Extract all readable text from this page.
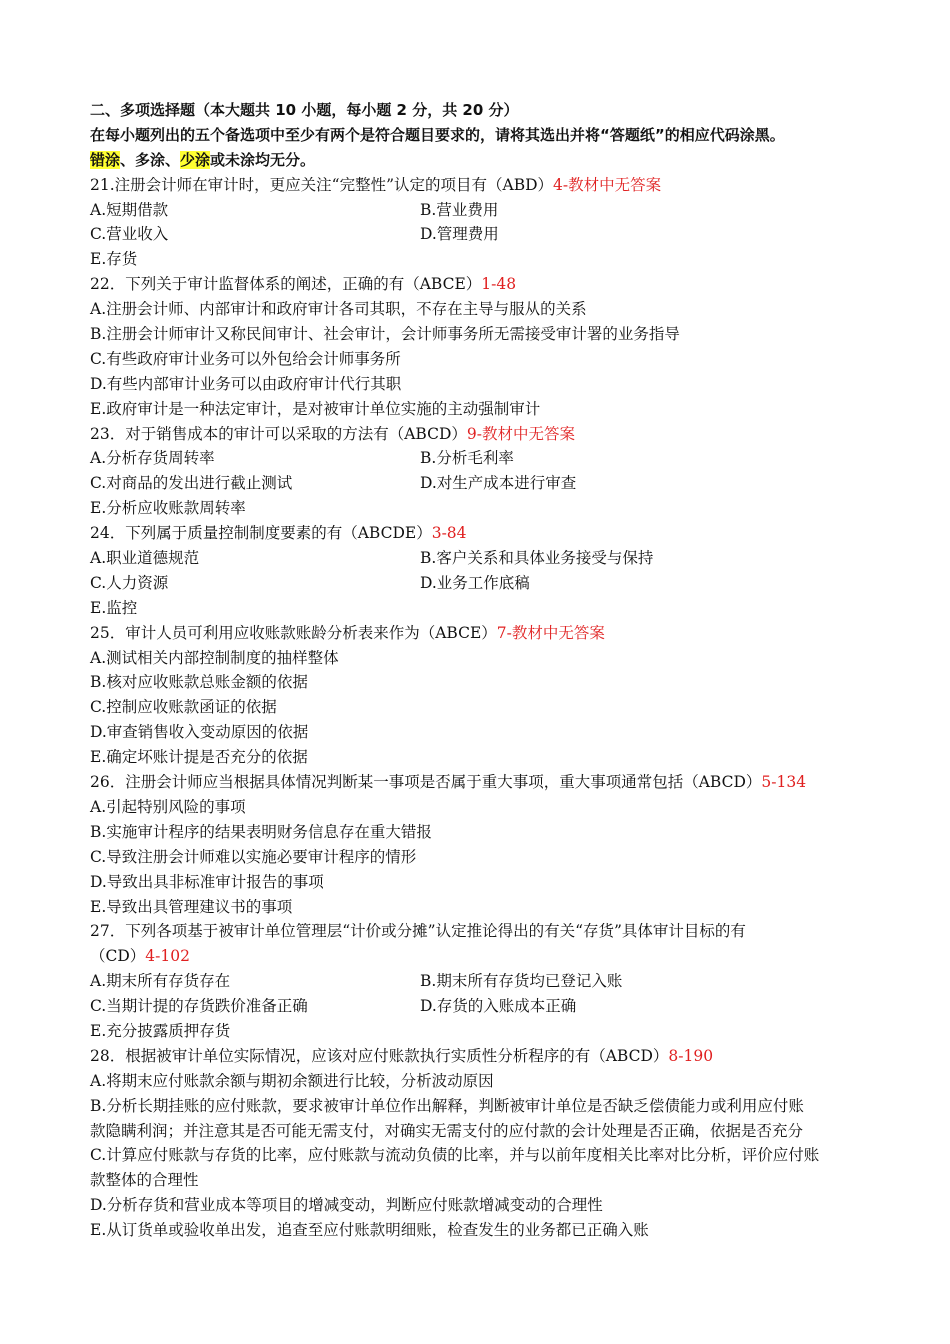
二、多项选择题（本大题共 10 小题，每小题 2 分，共 20 分）
在每小题列出的五个备选项中至少有两个是符合题目要求的，请将其选出并将“答题纸”的相应代码涂黑。
错涂、多涂、少涂或未涂均无分。
21.注册会计师在审计时，更应关注“完整性”认定的项目有（ABD）4-教材中无答案
A.短期借款	B.营业费用
C.营业收入	D.管理费用
E.存货
22．下列关于审计监督体系的阐述，正确的有（ABCE）1-48
A.注册会计师、内部审计和政府审计各司其职，不存在主导与服从的关系
B.注册会计师审计又称民间审计、社会审计，会计师事务所无需接受审计署的业务指导
C.有些政府审计业务可以外包给会计师事务所
D.有些内部审计业务可以由政府审计代行其职
E.政府审计是一种法定审计，是对被审计单位实施的主动强制审计
23．对于销售成本的审计可以采取的方法有（ABCD）9-教材中无答案
A.分析存货周转率	B.分析毛利率
C.对商品的发出进行截止测试	D.对生产成本进行审查
E.分析应收账款周转率
24．下列属于质量控制制度要素的有（ABCDE）3-84
A.职业道德规范	B.客户关系和具体业务接受与保持
C.人力资源	D.业务工作底稿
E.监控
25．审计人员可利用应收账款账龄分析表来作为（ABCE）7-教材中无答案
A.测试相关内部控制制度的抽样整体
B.核对应收账款总账金额的依据
C.控制应收账款函证的依据
D.审查销售收入变动原因的依据
E.确定坏账计提是否充分的依据
26．注册会计师应当根据具体情况判断某一事项是否属于重大事项，重大事项通常包括（ABCD）5-134
A.引起特别风险的事项
B.实施审计程序的结果表明财务信息存在重大错报
C.导致注册会计师难以实施必要审计程序的情形
D.导致出具非标准审计报告的事项
E.导致出具管理建议书的事项
27．下列各项基于被审计单位管理层“计价或分摊”认定推论得出的有关“存货”具体审计目标的有
（CD）4-102
A.期末所有存货存在	B.期末所有存货均已登记入账
C.当期计提的存货跌价准备正确	D.存货的入账成本正确
E.充分披露质押存货
28．根据被审计单位实际情况，应该对应付账款执行实质性分析程序的有（ABCD）8-190
A.将期末应付账款余额与期初余额进行比较，分析波动原因
B.分析长期挂账的应付账款，要求被审计单位作出解释，判断被审计单位是否缺乏偿债能力或利用应付账
款隐瞒利润；并注意其是否可能无需支付，对确实无需支付的应付款的会计处理是否正确，依据是否充分
C.计算应付账款与存货的比率，应付账款与流动负债的比率，并与以前年度相关比率对比分析，评价应付账
款整体的合理性
D.分析存货和营业成本等项目的增减变动，判断应付账款增减变动的合理性
E.从订货单或验收单出发，追查至应付账款明细账，检查发生的业务都已正确入账
